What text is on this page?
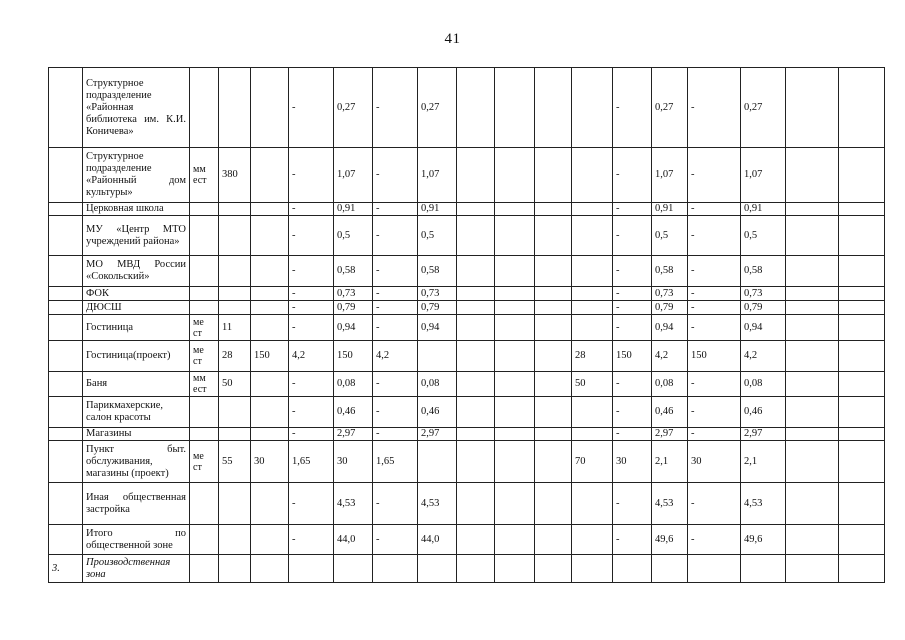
41
	Структурное подразделение «Районная библиотека им. К.И. Коничева»				-	0,27	-	0,27					-	0,27	-	0,27		
	Структурное подразделение «Районный дом культуры»	мм ест	380		-	1,07	-	1,07					-	1,07	-	1,07		
	Церковная школа				-	0,91	-	0,91					-	0,91	-	0,91		
	МУ «Центр МТО учреждений района»				-	0,5	-	0,5					-	0,5	-	0,5		
	МО МВД России «Сокольский»				-	0,58	-	0,58					-	0,58	-	0,58		
	ФОК				-	0,73	-	0,73					-	0,73	-	0,73		
	ДЮСШ				-	0,79	-	0,79					-	0,79	-	0,79		
	Гостиница	ме ст	11		-	0,94	-	0,94					-	0,94	-	0,94		
	Гостиница(проект)	ме ст	28	150	4,2	150	4,2					28	150	4,2	150	4,2		
	Баня	мм ест	50		-	0,08	-	0,08				50	-	0,08	-	0,08		
	Парикмахерские, салон красоты				-	0,46	-	0,46					-	0,46	-	0,46		
	Магазины				-	2,97	-	2,97					-	2,97	-	2,97		
	Пункт быт. обслуживания, магазины (проект)	ме ст	55	30	1,65	30	1,65					70	30	2,1	30	2,1		
	Иная общественная застройка				-	4,53	-	4,53					-	4,53	-	4,53		
	Итого по общественной зоне				-	44,0	-	44,0					-	49,6	-	49,6		
3.	Производственная зона																	
